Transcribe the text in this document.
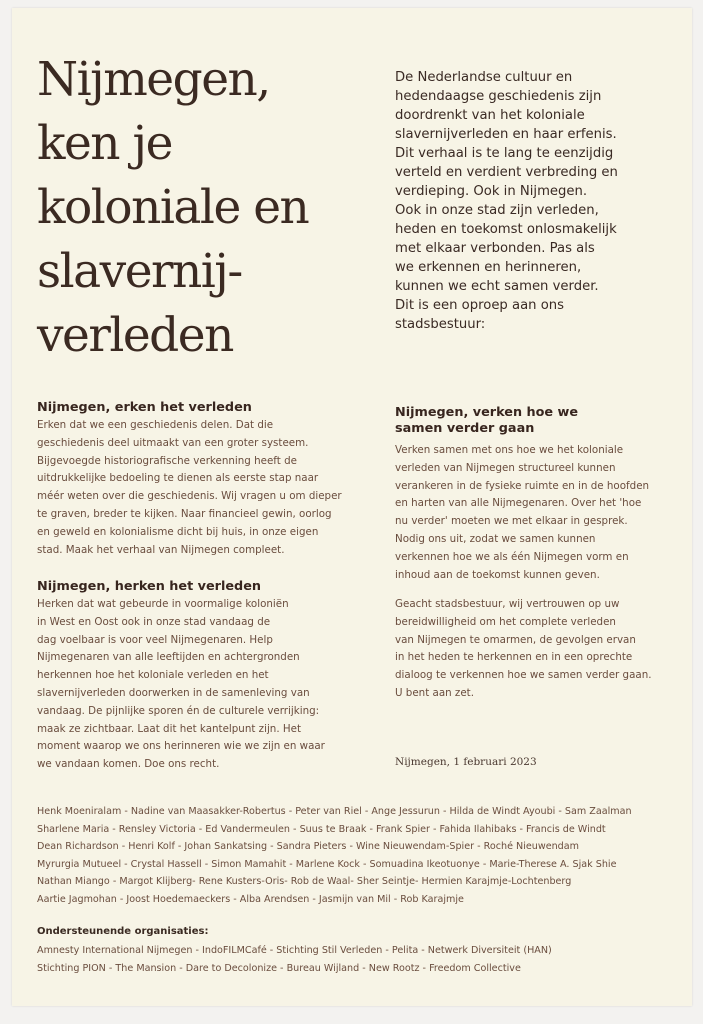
Nijmegen,
ken je
koloniale en
slavernij-
verleden

De Nederlandse cultuur en
hedendaagse geschiedenis zijn
doordrenkt van het koloniale
slavernijverleden en haar erfenis.
Dit verhaal is te lang te eenzijdig
verteld en verdient verbreding en
verdieping. Ook in Nijmegen.
Ook in onze stad zijn verleden,
heden en toekomst onlosmakelijk
met elkaar verbonden. Pas als
we erkennen en herinneren,
kunnen we echt samen verder.
Dit is een oproep aan ons
stadsbestuur:

Nijmegen, erken het verleden

Erken dat we een geschiedenis delen. Dat die
geschiedenis deel uitmaakt van een groter systeem.
Bijgevoegde historiografische verkenning heeft de
uitdrukkelijke bedoeling te dienen als eerste stap naar
méér weten over die geschiedenis. Wij vragen u om dieper
te graven, breder te kijken. Naar financieel gewin, oorlog
en geweld en kolonialisme dicht bij huis, in onze eigen
stad. Maak het verhaal van Nijmegen compleet.

Nijmegen, herken het verleden

Herken dat wat gebeurde in voormalige koloniën
in West en Oost ook in onze stad vandaag de
dag voelbaar is voor veel Nijmegenaren. Help
Nijmegenaren van alle leeftijden en achtergronden
herkennen hoe het koloniale verleden en het
slavernijverleden doorwerken in de samenleving van
vandaag. De pijnlijke sporen én de culturele verrijking:
maak ze zichtbaar. Laat dit het kantelpunt zijn. Het
moment waarop we ons herinneren wie we zijn en waar
we vandaan komen. Doe ons recht.

Nijmegen, verken hoe we
samen verder gaan

Verken samen met ons hoe we het koloniale
verleden van Nijmegen structureel kunnen
verankeren in de fysieke ruimte en in de hoofden
en harten van alle Nijmegenaren. Over het 'hoe
nu verder' moeten we met elkaar in gesprek.
Nodig ons uit, zodat we samen kunnen
verkennen hoe we als één Nijmegen vorm en
inhoud aan de toekomst kunnen geven.

Geacht stadsbestuur, wij vertrouwen op uw
bereidwilligheid om het complete verleden
van Nijmegen te omarmen, de gevolgen ervan
in het heden te herkennen en in een oprechte
dialoog te verkennen hoe we samen verder gaan.
U bent aan zet.

Nijmegen, 1 februari 2023

Henk Moeniralam - Nadine van Maasakker-Robertus - Peter van Riel - Ange Jessurun - Hilda de Windt Ayoubi - Sam Zaalman
Sharlene Maria - Rensley Victoria - Ed Vandermeulen - Suus te Braak - Frank Spier - Fahida Ilahibaks - Francis de Windt
Dean Richardson - Henri Kolf - Johan Sankatsing - Sandra Pieters - Wine Nieuwendam-Spier - Roché Nieuwendam
Myrurgia Mutueel - Crystal Hassell - Simon Mamahit - Marlene Kock - Somuadina Ikeotuonye - Marie-Therese A. Sjak Shie
Nathan Miango - Margot Klijberg- Rene Kusters-Oris- Rob de Waal- Sher Seintje- Hermien Karajmje-Lochtenberg
Aartie Jagmohan - Joost Hoedemaeckers - Alba Arendsen - Jasmijn van Mil - Rob Karajmje

Ondersteunende organisaties:

Amnesty International Nijmegen - IndoFILMCafé - Stichting Stil Verleden - Pelita - Netwerk Diversiteit (HAN)
Stichting PION - The Mansion - Dare to Decolonize - Bureau Wijland - New Rootz - Freedom Collective
